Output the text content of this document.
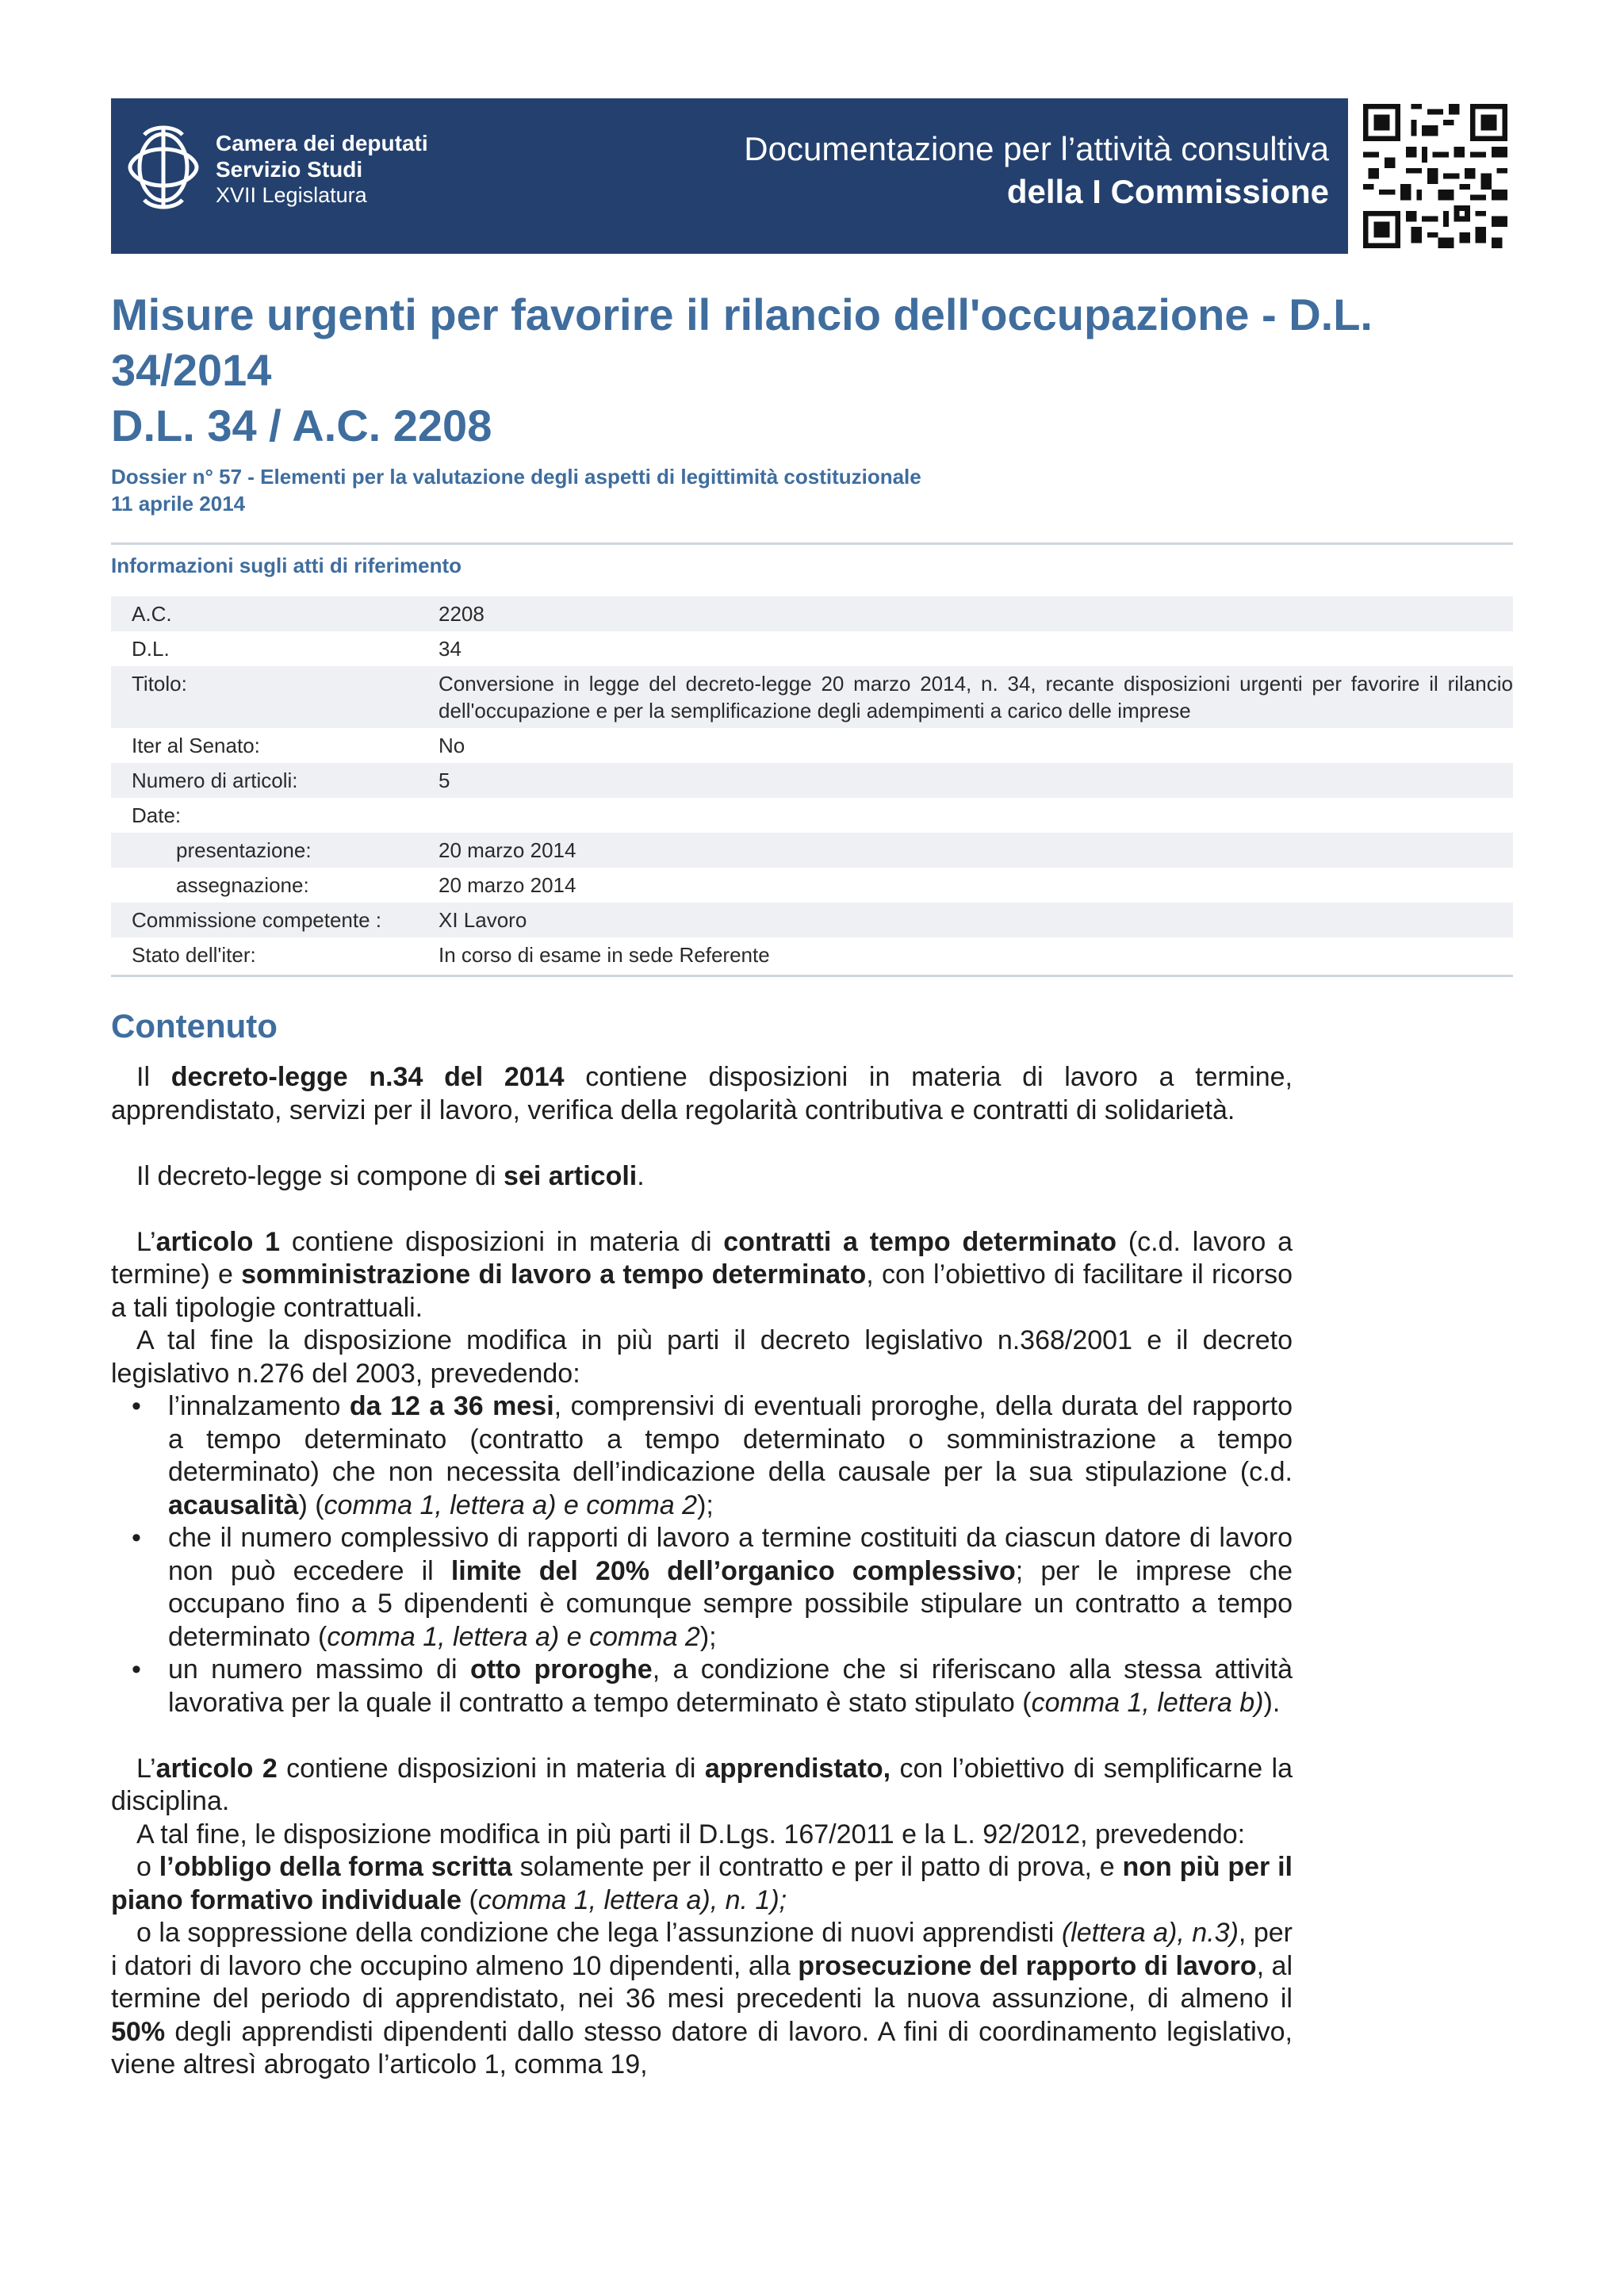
Camera dei deputati
Servizio Studi
XVII Legislatura
Documentazione per l’attività consultiva
della I Commissione
Misure urgenti per favorire il rilancio dell'occupazione - D.L.
34/2014
D.L. 34 / A.C. 2208
Dossier n° 57 - Elementi per la valutazione degli aspetti di legittimità costituzionale
11 aprile 2014
Informazioni sugli atti di riferimento
A.C.	2208
D.L.	34
Titolo:	Conversione in legge del decreto-legge 20 marzo 2014, n. 34, recante disposizioni urgenti per favorire il rilancio dell'occupazione e per la semplificazione degli adempimenti a carico delle imprese
Iter al Senato:	No
Numero di articoli:	5
Date:
presentazione:	20 marzo 2014
assegnazione:	20 marzo 2014
Commissione competente :	XI Lavoro
Stato dell'iter:	In corso di esame in sede Referente
Contenuto

Il decreto-legge n.34 del 2014 contiene disposizioni in materia di lavoro a termine, apprendistato, servizi per il lavoro, verifica della regolarità contributiva e contratti di solidarietà.

Il decreto-legge si compone di sei articoli.

L’articolo 1 contiene disposizioni in materia di contratti a tempo determinato (c.d. lavoro a termine) e somministrazione di lavoro a tempo determinato, con l’obiettivo di facilitare il ricorso a tali tipologie contrattuali.

A tal fine la disposizione modifica in più parti il decreto legislativo n.368/2001 e il decreto legislativo n.276 del 2003, prevedendo:

• l’innalzamento da 12 a 36 mesi, comprensivi di eventuali proroghe, della durata del rapporto a tempo determinato (contratto a tempo determinato o somministrazione a tempo determinato) che non necessita dell’indicazione della causale per la sua stipulazione (c.d. acausalità) (comma 1, lettera a) e comma 2);
• che il numero complessivo di rapporti di lavoro a termine costituiti da ciascun datore di lavoro non può eccedere il limite del 20% dell’organico complessivo; per le imprese che occupano fino a 5 dipendenti è comunque sempre possibile stipulare un contratto a tempo determinato (comma 1, lettera a) e comma 2);
• un numero massimo di otto proroghe, a condizione che si riferiscano alla stessa attività lavorativa per la quale il contratto a tempo determinato è stato stipulato (comma 1, lettera b)).

L’articolo 2 contiene disposizioni in materia di apprendistato, con l’obiettivo di semplificarne la disciplina.

A tal fine, le disposizione modifica in più parti il D.Lgs. 167/2011 e la L. 92/2012, prevedendo:

o l’obbligo della forma scritta solamente per il contratto e per il patto di prova, e non più per il piano formativo individuale (comma 1, lettera a), n. 1);

o la soppressione della condizione che lega l’assunzione di nuovi apprendisti (lettera a), n.3), per i datori di lavoro che occupino almeno 10 dipendenti, alla prosecuzione del rapporto di lavoro, al termine del periodo di apprendistato, nei 36 mesi precedenti la nuova assunzione, di almeno il 50% degli apprendisti dipendenti dallo stesso datore di lavoro. A fini di coordinamento legislativo, viene altresì abrogato l’articolo 1, comma 19,
